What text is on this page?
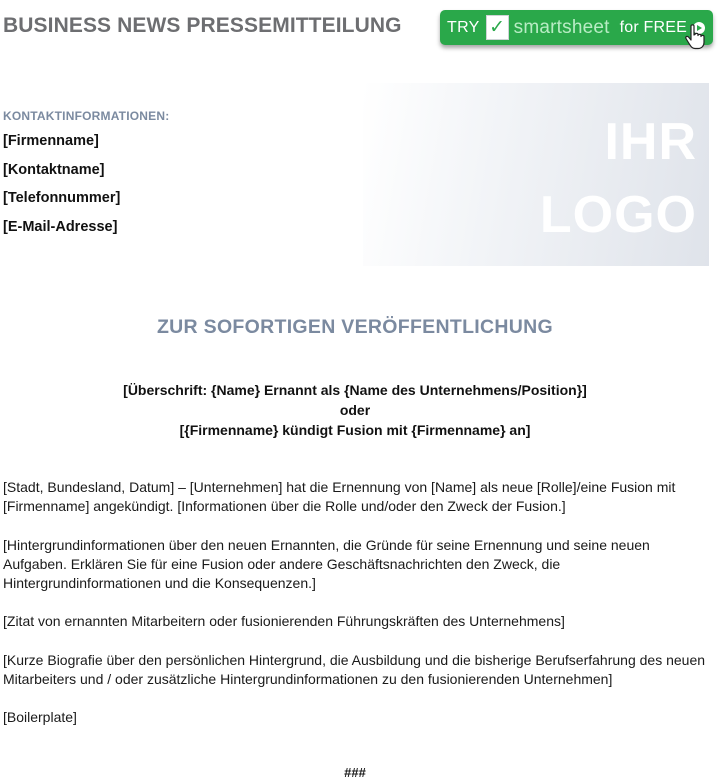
BUSINESS NEWS PRESSEMITTEILUNG	TRY ✓ smartsheet for FREE
KONTAKTINFORMATIONEN:
[Firmenname]
[Kontaktname]
[Telefonnummer]
[E-Mail-Adresse]
IHR
LOGO
ZUR SOFORTIGEN VERÖFFENTLICHUNG
[Überschrift: {Name} Ernannt als {Name des Unternehmens/Position}]
oder
[{Firmenname} kündigt Fusion mit {Firmenname} an]
[Stadt, Bundesland, Datum] – [Unternehmen] hat die Ernennung von [Name] als neue [Rolle]/eine Fusion mit [Firmenname] angekündigt. [Informationen über die Rolle und/oder den Zweck der Fusion.]
[Hintergrundinformationen über den neuen Ernannten, die Gründe für seine Ernennung und seine neuen Aufgaben. Erklären Sie für eine Fusion oder andere Geschäftsnachrichten den Zweck, die Hintergrundinformationen und die Konsequenzen.]
[Zitat von ernannten Mitarbeitern oder fusionierenden Führungskräften des Unternehmens]
[Kurze Biografie über den persönlichen Hintergrund, die Ausbildung und die bisherige Berufserfahrung des neuen Mitarbeiters und / oder zusätzliche Hintergrundinformationen zu den fusionierenden Unternehmen]
[Boilerplate]
###
